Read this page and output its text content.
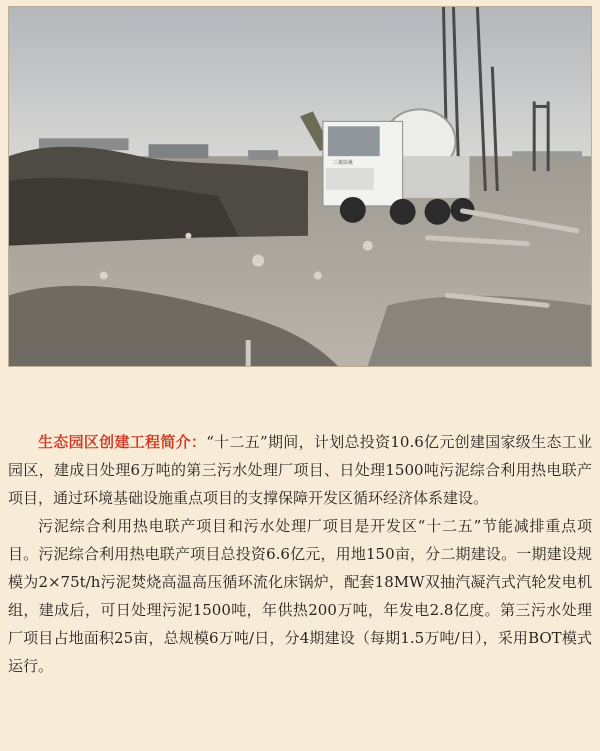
三菱扶桑

生态园区创建工程简介：“十二五”期间，计划总投资10.6亿元创建国家级生态工业园区，建成日处理6万吨的第三污水处理厂项目、日处理1500吨污泥综合利用热电联产项目，通过环境基础设施重点项目的支撑保障开发区循环经济体系建设。

污泥综合利用热电联产项目和污水处理厂项目是开发区“十二五”节能减排重点项目。污泥综合利用热电联产项目总投资6.6亿元，用地150亩，分二期建设。一期建设规模为2×75t/h污泥焚烧高温高压循环流化床锅炉，配套18MW双抽汽凝汽式汽轮发电机组，建成后，可日处理污泥1500吨，年供热200万吨，年发电2.8亿度。第三污水处理厂项目占地面积25亩，总规模6万吨/日，分4期建设（每期1.5万吨/日），采用BOT模式运行。
